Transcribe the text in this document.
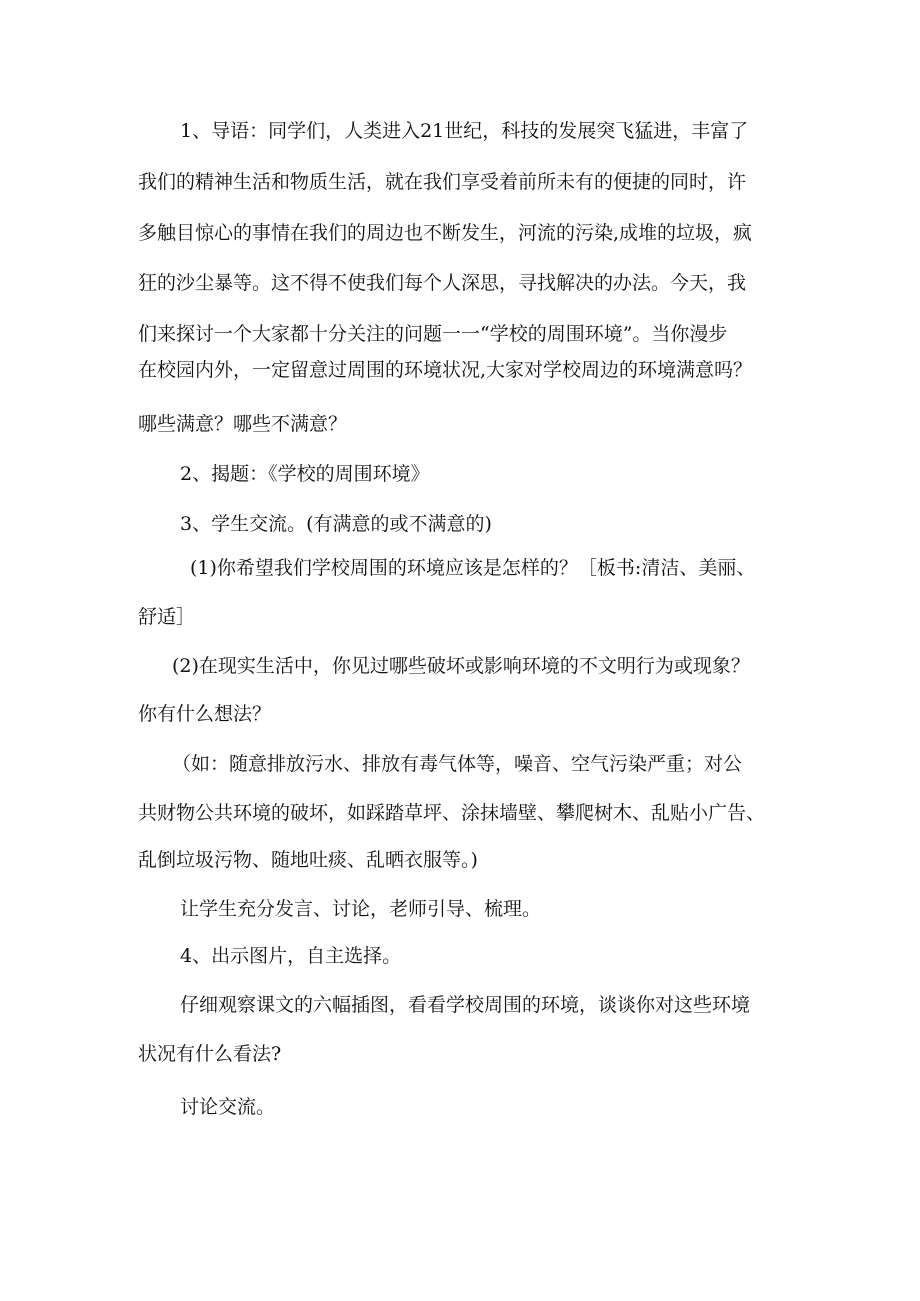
1、导语：同学们，人类进入21世纪，科技的发展突飞猛进，丰富了

我们的精神生活和物质生活，就在我们享受着前所未有的便捷的同时，许

多触目惊心的事情在我们的周边也不断发生，河流的污染,成堆的垃圾，疯

狂的沙尘暴等。这不得不使我们每个人深思，寻找解决的办法。今天，我

们来探讨一个大家都十分关注的问题一一“学校的周围环境”。当你漫步

在校园内外，一定留意过周围的环境状况,大家对学校周边的环境满意吗？

哪些满意？哪些不满意？

2、揭题：《学校的周围环境》

3、学生交流。(有满意的或不满意的)

(1)你希望我们学校周围的环境应该是怎样的？［板书:清洁、美丽、

舒适］

(2)在现实生活中，你见过哪些破坏或影响环境的不文明行为或现象？

你有什么想法？

（如：随意排放污水、排放有毒气体等，噪音、空气污染严重；对公

共财物公共环境的破坏，如踩踏草坪、涂抹墙壁、攀爬树木、乱贴小广告、

乱倒垃圾污物、随地吐痰、乱晒衣服等。)

让学生充分发言、讨论，老师引导、梳理。

4、出示图片，自主选择。

仔细观察课文的六幅插图，看看学校周围的环境，谈谈你对这些环境

状况有什么看法?

讨论交流。
